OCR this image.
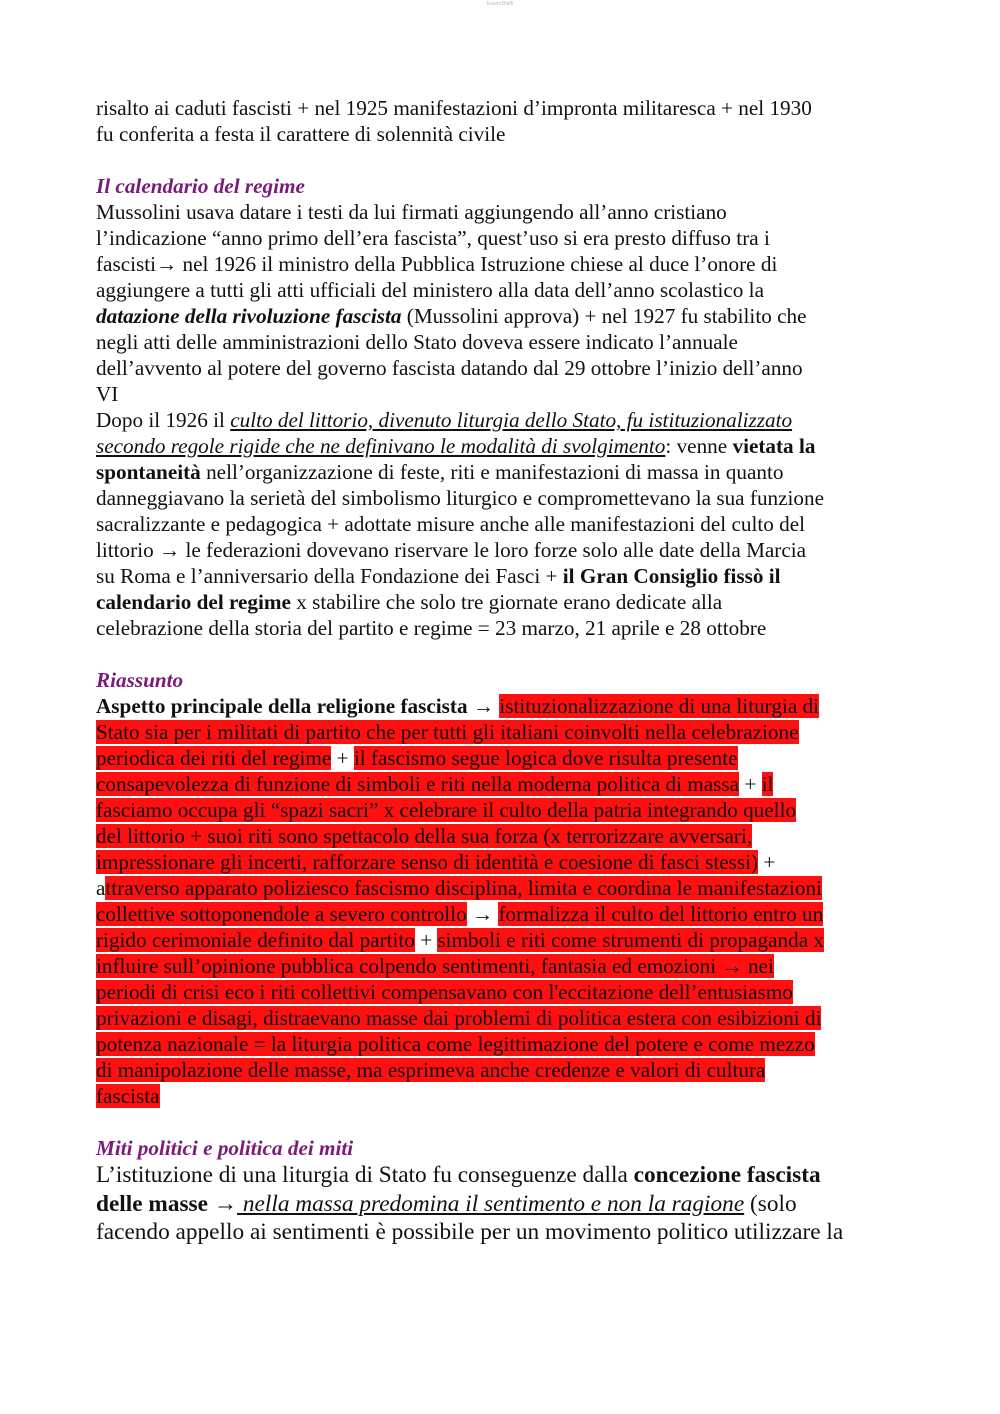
Esami.Blaffi
risalto ai caduti fascisti + nel 1925 manifestazioni d’impronta militaresca + nel 1930
fu conferita a festa il carattere di solennità civile
Il calendario del regime
Mussolini usava datare i testi da lui firmati aggiungendo all’anno cristiano
l’indicazione “anno primo dell’era fascista”, quest’uso si era presto diffuso tra i
fascisti→ nel 1926 il ministro della Pubblica Istruzione chiese al duce l’onore di
aggiungere a tutti gli atti ufficiali del ministero alla data dell’anno scolastico la
datazione della rivoluzione fascista (Mussolini approva) + nel 1927 fu stabilito che
negli atti delle amministrazioni dello Stato doveva essere indicato l’annuale
dell’avvento al potere del governo fascista datando dal 29 ottobre l’inizio dell’anno
VI
Dopo il 1926 il culto del littorio, divenuto liturgia dello Stato, fu istituzionalizzato
secondo regole rigide che ne definivano le modalità di svolgimento: venne vietata la
spontaneità nell’organizzazione di feste, riti e manifestazioni di massa in quanto
danneggiavano la serietà del simbolismo liturgico e compromettevano la sua funzione
sacralizzante e pedagogica + adottate misure anche alle manifestazioni del culto del
littorio → le federazioni dovevano riservare le loro forze solo alle date della Marcia
su Roma e l’anniversario della Fondazione dei Fasci + il Gran Consiglio fissò il
calendario del regime x stabilire che solo tre giornate erano dedicate alla
celebrazione della storia del partito e regime = 23 marzo, 21 aprile e 28 ottobre
Riassunto
Aspetto principale della religione fascista → istituzionalizzazione di una liturgia di
Stato sia per i militati di partito che per tutti gli italiani coinvolti nella celebrazione
periodica dei riti del regime + il fascismo segue logica dove risulta presente
consapevolezza di funzione di simboli e riti nella moderna politica di massa + il
fasciamo occupa gli “spazi sacri” x celebrare il culto della patria integrando quello
del littorio + suoi riti sono spettacolo della sua forza (x terrorizzare avversari,
impressionare gli incerti, rafforzare senso di identità e coesione di fasci stessi) +
attraverso apparato poliziesco fascismo disciplina, limita e coordina le manifestazioni
collettive sottoponendole a severo controllo → formalizza il culto del littorio entro un
rigido cerimoniale definito dal partito + simboli e riti come strumenti di propaganda x
influire sull’opinione pubblica colpendo sentimenti, fantasia ed emozioni → nei
periodi di crisi eco i riti collettivi compensavano con l'eccitazione dell’entusiasmo
privazioni e disagi, distraevano masse dai problemi di politica estera con esibizioni di
potenza nazionale = la liturgia politica come legittimazione del potere e come mezzo
di manipolazione delle masse, ma esprimeva anche credenze e valori di cultura
fascista
Miti politici e politica dei miti
L’istituzione di una liturgia di Stato fu conseguenze dalla concezione fascista
delle masse → nella massa predomina il sentimento e non la ragione (solo
facendo appello ai sentimenti è possibile per un movimento politico utilizzare la
